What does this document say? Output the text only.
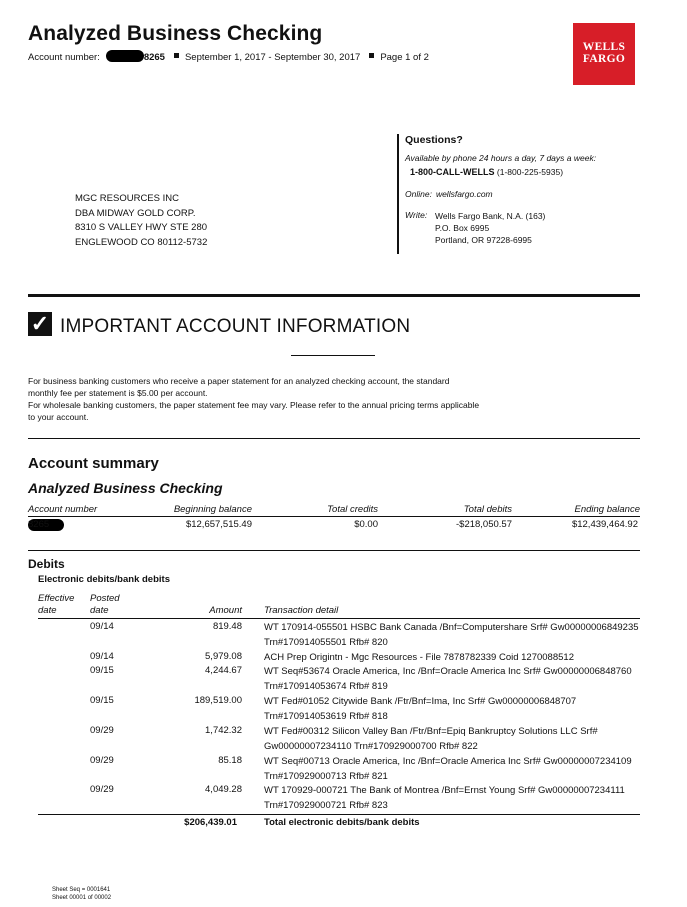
Analyzed Business Checking
Account number:	8265 September 1, 2017 - September 30, 2017 Page 1 of 2
WELLS
FARGO
Questions?
Available by phone 24 hours a day, 7 days a week:
1-800-CALL-WELLS (1-800-225-5935)
Online: wellsfargo.com
Write: Wells Fargo Bank, N.A. (163)
P.O. Box 6995
Portland, OR 97228-6995
MGC RESOURCES INC
DBA MIDWAY GOLD CORP.
8310 S VALLEY HWY STE 280
ENGLEWOOD CO 80112-5732
✓ IMPORTANT ACCOUNT INFORMATION
For business banking customers who receive a paper statement for an analyzed checking account, the standard
monthly fee per statement is $5.00 per account.
For wholesale banking customers, the paper statement fee may vary. Please refer to the annual pricing terms applicable
to your account.
Account summary
Analyzed Business Checking
Account number	Beginning balance	Total credits	Total debits	Ending balance
8265	$12,657,515.49	$0.00	-$218,050.57	$12,439,464.92
Debits
Electronic debits/bank debits
Effective

date
Posted

date	Amount Transaction detail
09/14	819.48 WT 170914-055501 HSBC Bank Canada /Bnf=Computershare Srf# Gw00000006849235 Trn#170914055501 Rfb# 820
09/14	5,979.08 ACH Prep Origintn - Mgc Resources - File 7878782339 Coid 1270088512
09/15	4,244.67 WT Seq#53674 Oracle America, Inc /Bnf=Oracle America Inc Srf# Gw00000006848760 Trn#170914053674 Rfb# 819
09/15	189,519.00 WT Fed#01052 Citywide Bank /Ftr/Bnf=Ima, Inc Srf# Gw00000006848707 Trn#170914053619 Rfb# 818
09/29	1,742.32 WT Fed#00312 Silicon Valley Ban /Ftr/Bnf=Epiq Bankruptcy Solutions LLC Srf# Gw00000007234110 Trn#170929000700 Rfb# 822
09/29	85.18 WT Seq#00713 Oracle America, Inc /Bnf=Oracle America Inc Srf# Gw00000007234109 Trn#170929000713 Rfb# 821
09/29	4,049.28 WT 170929-000721 The Bank of Montrea /Bnf=Ernst Young Srf# Gw00000007234111 Trn#170929000721 Rfb# 823
$206,439.01	Total electronic debits/bank debits
Sheet Seq = 0001641
Sheet 00001 of 00002
